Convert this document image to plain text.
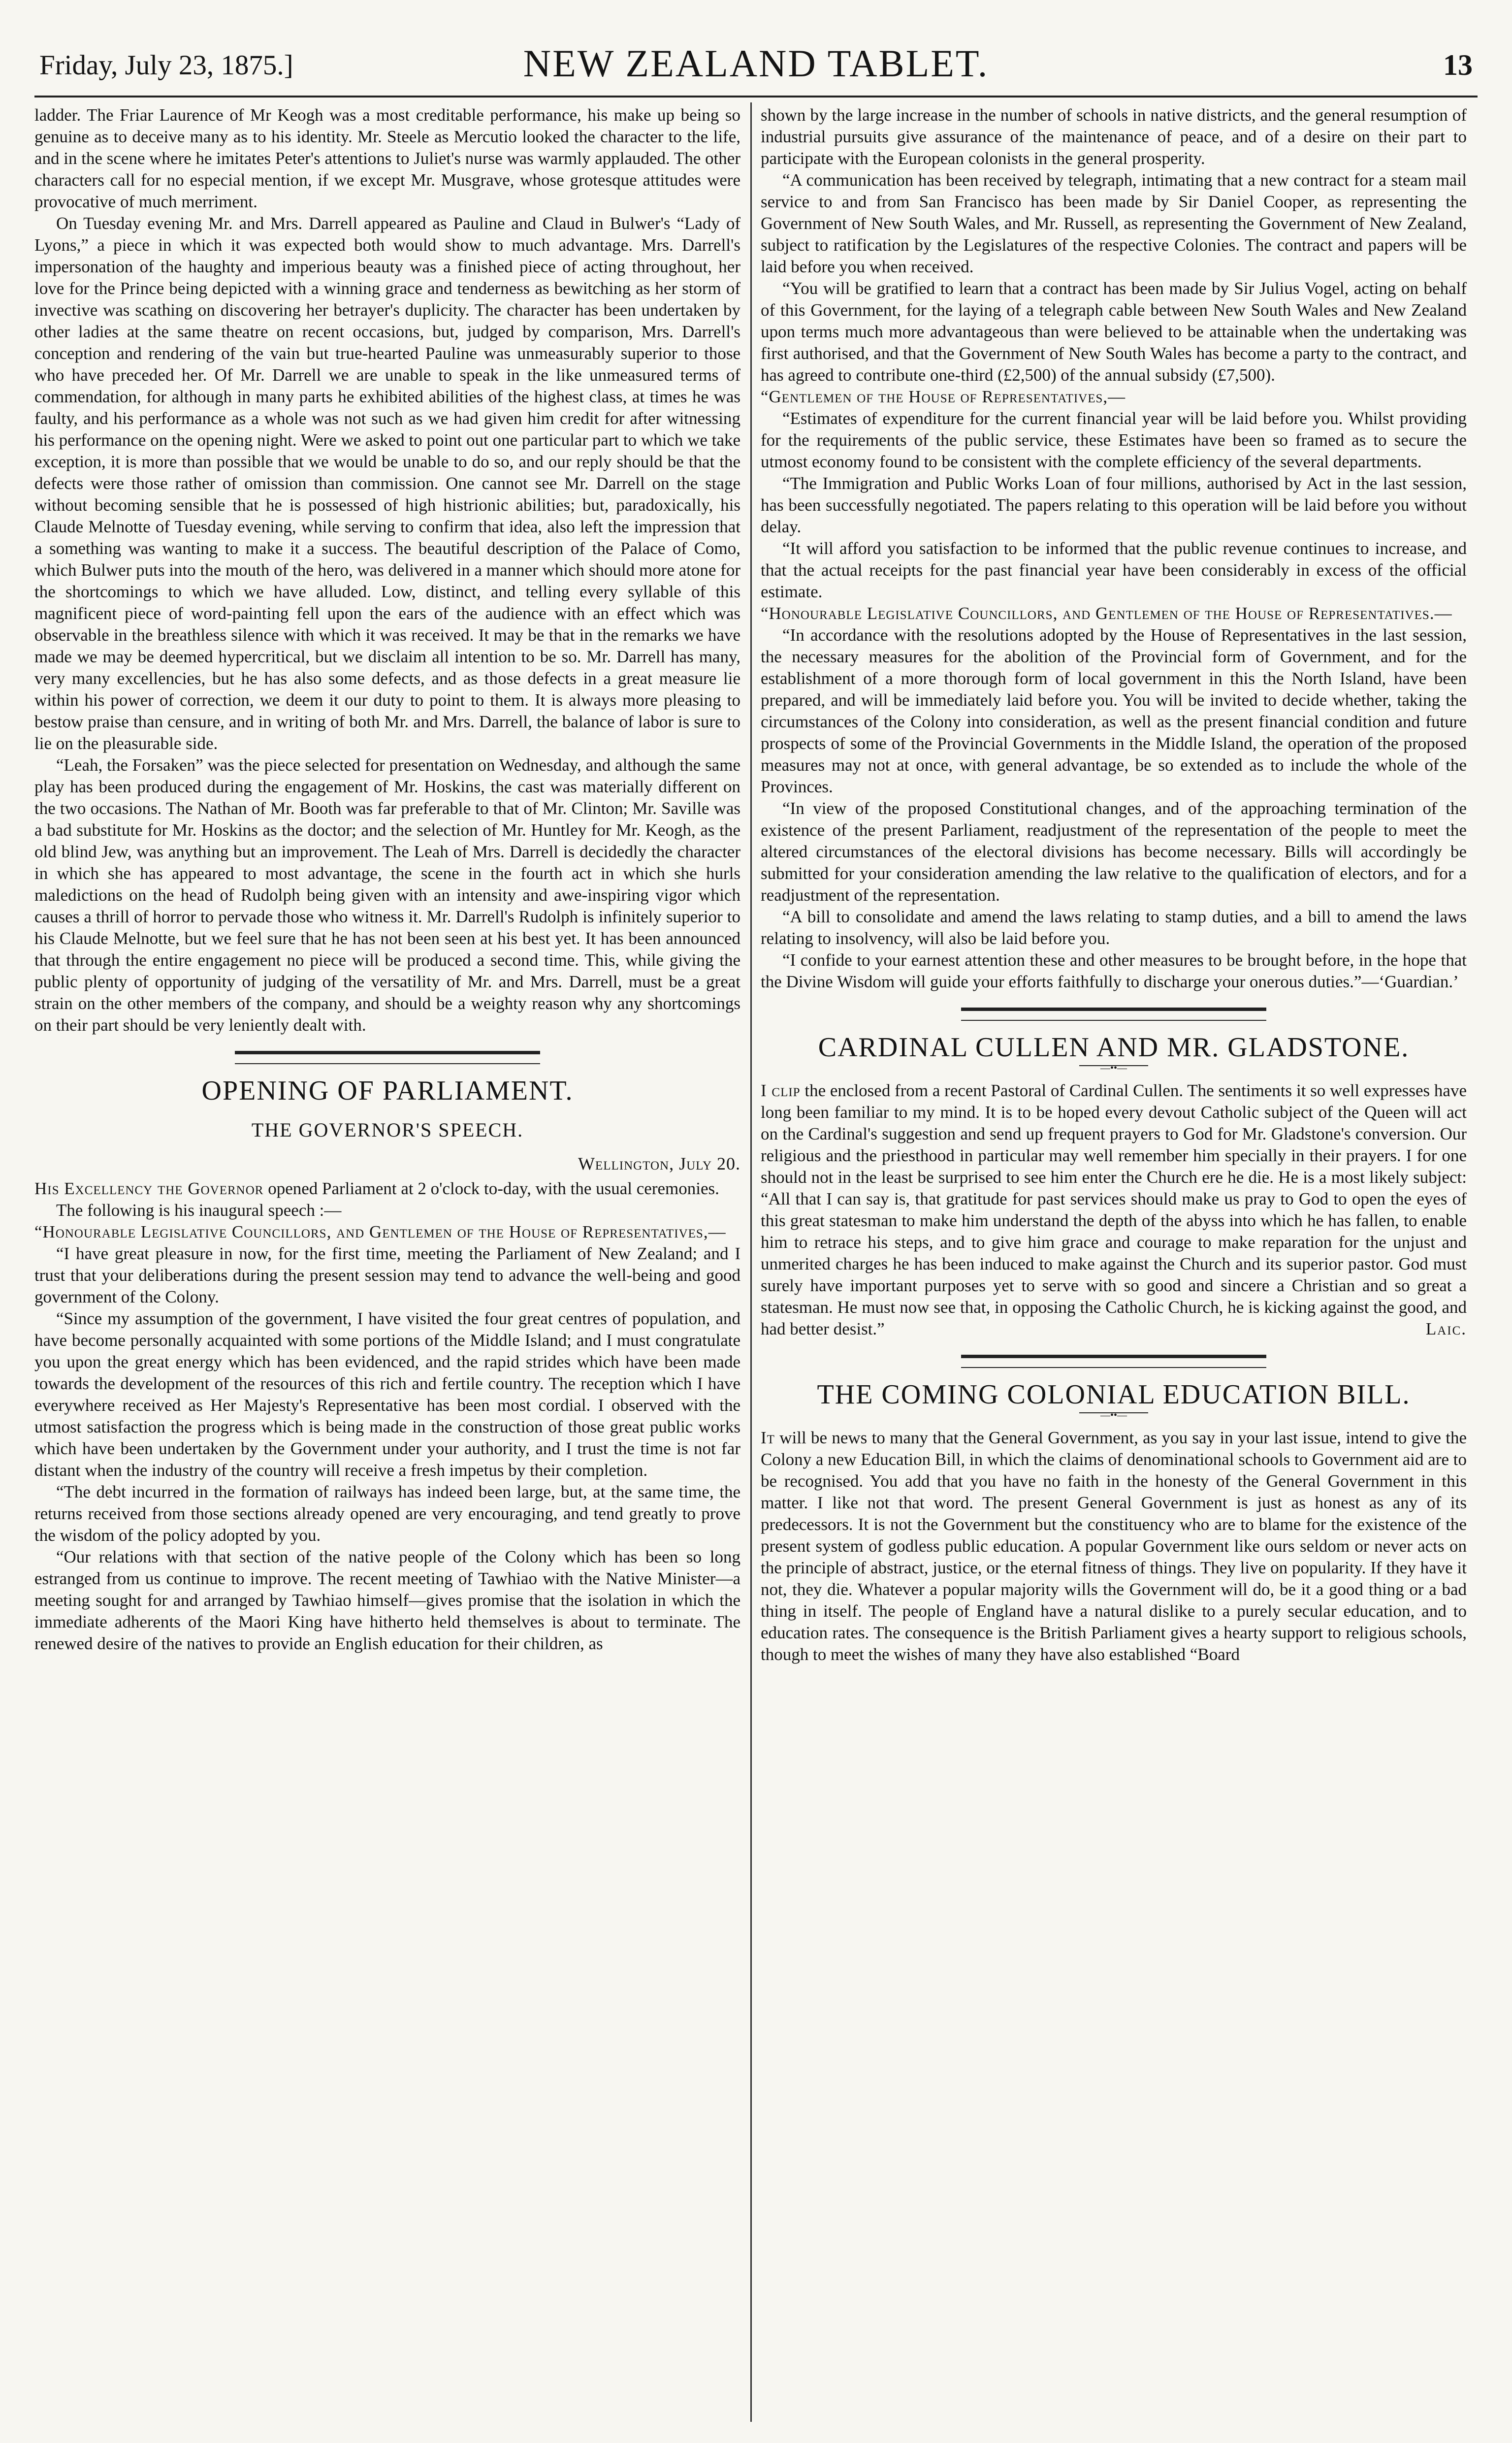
Friday, July 23, 1875.]	NEW ZEALAND TABLET.	13

ladder. The Friar Laurence of Mr Keogh was a most creditable performance, his make up being so genuine as to deceive many as to his identity. Mr. Steele as Mercutio looked the character to the life, and in the scene where he imitates Peter's attentions to Juliet's nurse was warmly applauded. The other characters call for no especial mention, if we except Mr. Musgrave, whose grotesque attitudes were provocative of much merriment.

On Tuesday evening Mr. and Mrs. Darrell appeared as Pauline and Claud in Bulwer's “Lady of Lyons,” a piece in which it was expected both would show to much advantage. Mrs. Darrell's impersonation of the haughty and imperious beauty was a finished piece of acting throughout, her love for the Prince being depicted with a winning grace and tenderness as bewitching as her storm of invective was scathing on discovering her betrayer's duplicity. The character has been undertaken by other ladies at the same theatre on recent occasions, but, judged by comparison, Mrs. Darrell's conception and rendering of the vain but true-hearted Pauline was unmeasurably superior to those who have preceded her. Of Mr. Darrell we are unable to speak in the like unmeasured terms of commendation, for although in many parts he exhibited abilities of the highest class, at times he was faulty, and his performance as a whole was not such as we had given him credit for after witnessing his performance on the opening night. Were we asked to point out one particular part to which we take exception, it is more than possible that we would be unable to do so, and our reply should be that the defects were those rather of omission than commission. One cannot see Mr. Darrell on the stage without becoming sensible that he is possessed of high histrionic abilities; but, paradoxically, his Claude Melnotte of Tuesday evening, while serving to confirm that idea, also left the impression that a something was wanting to make it a success. The beautiful description of the Palace of Como, which Bulwer puts into the mouth of the hero, was delivered in a manner which should more atone for the shortcomings to which we have alluded. Low, distinct, and telling every syllable of this magnificent piece of word-painting fell upon the ears of the audience with an effect which was observable in the breathless silence with which it was received. It may be that in the remarks we have made we may be deemed hypercritical, but we disclaim all intention to be so. Mr. Darrell has many, very many excellencies, but he has also some defects, and as those defects in a great measure lie within his power of correction, we deem it our duty to point to them. It is always more pleasing to bestow praise than censure, and in writing of both Mr. and Mrs. Darrell, the balance of labor is sure to lie on the pleasurable side.

“Leah, the Forsaken” was the piece selected for presentation on Wednesday, and although the same play has been produced during the engagement of Mr. Hoskins, the cast was materially different on the two occasions. The Nathan of Mr. Booth was far preferable to that of Mr. Clinton; Mr. Saville was a bad substitute for Mr. Hoskins as the doctor; and the selection of Mr. Huntley for Mr. Keogh, as the old blind Jew, was anything but an improvement. The Leah of Mrs. Darrell is decidedly the character in which she has appeared to most advantage, the scene in the fourth act in which she hurls maledictions on the head of Rudolph being given with an intensity and awe-inspiring vigor which causes a thrill of horror to pervade those who witness it. Mr. Darrell's Rudolph is infinitely superior to his Claude Melnotte, but we feel sure that he has not been seen at his best yet. It has been announced that through the entire engagement no piece will be produced a second time. This, while giving the public plenty of opportunity of judging of the versatility of Mr. and Mrs. Darrell, must be a great strain on the other members of the company, and should be a weighty reason why any shortcomings on their part should be very leniently dealt with.

OPENING OF PARLIAMENT.
THE GOVERNOR'S SPEECH.
Wellington, July 20.

His Excellency the Governor opened Parliament at 2 o'clock to-day, with the usual ceremonies.

The following is his inaugural speech :—

“Honourable Legislative Councillors, and Gentlemen of the House of Representatives,—

“I have great pleasure in now, for the first time, meeting the Parliament of New Zealand; and I trust that your deliberations during the present session may tend to advance the well-being and good government of the Colony.

“Since my assumption of the government, I have visited the four great centres of population, and have become personally acquainted with some portions of the Middle Island; and I must congratulate you upon the great energy which has been evidenced, and the rapid strides which have been made towards the development of the resources of this rich and fertile country. The reception which I have everywhere received as Her Majesty's Representative has been most cordial. I observed with the utmost satisfaction the progress which is being made in the construction of those great public works which have been undertaken by the Government under your authority, and I trust the time is not far distant when the industry of the country will receive a fresh impetus by their completion.

“The debt incurred in the formation of railways has indeed been large, but, at the same time, the returns received from those sections already opened are very encouraging, and tend greatly to prove the wisdom of the policy adopted by you.

“Our relations with that section of the native people of the Colony which has been so long estranged from us continue to improve. The recent meeting of Tawhiao with the Native Minister—a meeting sought for and arranged by Tawhiao himself—gives promise that the isolation in which the immediate adherents of the Maori King have hitherto held themselves is about to terminate. The renewed desire of the natives to provide an English education for their children, as

shown by the large increase in the number of schools in native districts, and the general resumption of industrial pursuits give assurance of the maintenance of peace, and of a desire on their part to participate with the European colonists in the general prosperity.

“A communication has been received by telegraph, intimating that a new contract for a steam mail service to and from San Francisco has been made by Sir Daniel Cooper, as representing the Government of New South Wales, and Mr. Russell, as representing the Government of New Zealand, subject to ratification by the Legislatures of the respective Colonies. The contract and papers will be laid before you when received.

“You will be gratified to learn that a contract has been made by Sir Julius Vogel, acting on behalf of this Government, for the laying of a telegraph cable between New South Wales and New Zealand upon terms much more advantageous than were believed to be attainable when the undertaking was first authorised, and that the Government of New South Wales has become a party to the contract, and has agreed to contribute one-third (£2,500) of the annual subsidy (£7,500).

“Gentlemen of the House of Representatives,—

“Estimates of expenditure for the current financial year will be laid before you. Whilst providing for the requirements of the public service, these Estimates have been so framed as to secure the utmost economy found to be consistent with the complete efficiency of the several departments.

“The Immigration and Public Works Loan of four millions, authorised by Act in the last session, has been successfully negotiated. The papers relating to this operation will be laid before you without delay.

“It will afford you satisfaction to be informed that the public revenue continues to increase, and that the actual receipts for the past financial year have been considerably in excess of the official estimate.

“Honourable Legislative Councillors, and Gentlemen of the House of Representatives.—

“In accordance with the resolutions adopted by the House of Representatives in the last session, the necessary measures for the abolition of the Provincial form of Government, and for the establishment of a more thorough form of local government in this the North Island, have been prepared, and will be immediately laid before you. You will be invited to decide whether, taking the circumstances of the Colony into consideration, as well as the present financial condition and future prospects of some of the Provincial Governments in the Middle Island, the operation of the proposed measures may not at once, with general advantage, be so extended as to include the whole of the Provinces.

“In view of the proposed Constitutional changes, and of the approaching termination of the existence of the present Parliament, readjustment of the representation of the people to meet the altered circumstances of the electoral divisions has become necessary. Bills will accordingly be submitted for your consideration amending the law relative to the qualification of electors, and for a readjustment of the representation.

“A bill to consolidate and amend the laws relating to stamp duties, and a bill to amend the laws relating to insolvency, will also be laid before you.

“I confide to your earnest attention these and other measures to be brought before, in the hope that the Divine Wisdom will guide your efforts faithfully to discharge your onerous duties.”—‘Guardian.’

CARDINAL CULLEN AND MR. GLADSTONE.
—••—

I clip the enclosed from a recent Pastoral of Cardinal Cullen. The sentiments it so well expresses have long been familiar to my mind. It is to be hoped every devout Catholic subject of the Queen will act on the Cardinal's suggestion and send up frequent prayers to God for Mr. Gladstone's conversion. Our religious and the priesthood in particular may well remember him specially in their prayers. I for one should not in the least be surprised to see him enter the Church ere he die. He is a most likely subject: “All that I can say is, that gratitude for past services should make us pray to God to open the eyes of this great statesman to make him understand the depth of the abyss into which he has fallen, to enable him to retrace his steps, and to give him grace and courage to make reparation for the unjust and unmerited charges he has been induced to make against the Church and its superior pastor. God must surely have important purposes yet to serve with so good and sincere a Christian and so great a statesman. He must now see that, in opposing the Catholic Church, he is kicking against the good, and had better desist.”	Laic.

THE COMING COLONIAL EDUCATION BILL.
—••—

It will be news to many that the General Government, as you say in your last issue, intend to give the Colony a new Education Bill, in which the claims of denominational schools to Government aid are to be recognised. You add that you have no faith in the honesty of the General Government in this matter. I like not that word. The present General Government is just as honest as any of its predecessors. It is not the Government but the constituency who are to blame for the existence of the present system of godless public education. A popular Government like ours seldom or never acts on the principle of abstract, justice, or the eternal fitness of things. They live on popularity. If they have it not, they die. Whatever a popular majority wills the Government will do, be it a good thing or a bad thing in itself. The people of England have a natural dislike to a purely secular education, and to education rates. The consequence is the British Parliament gives a hearty support to religious schools, though to meet the wishes of many they have also established “Board
